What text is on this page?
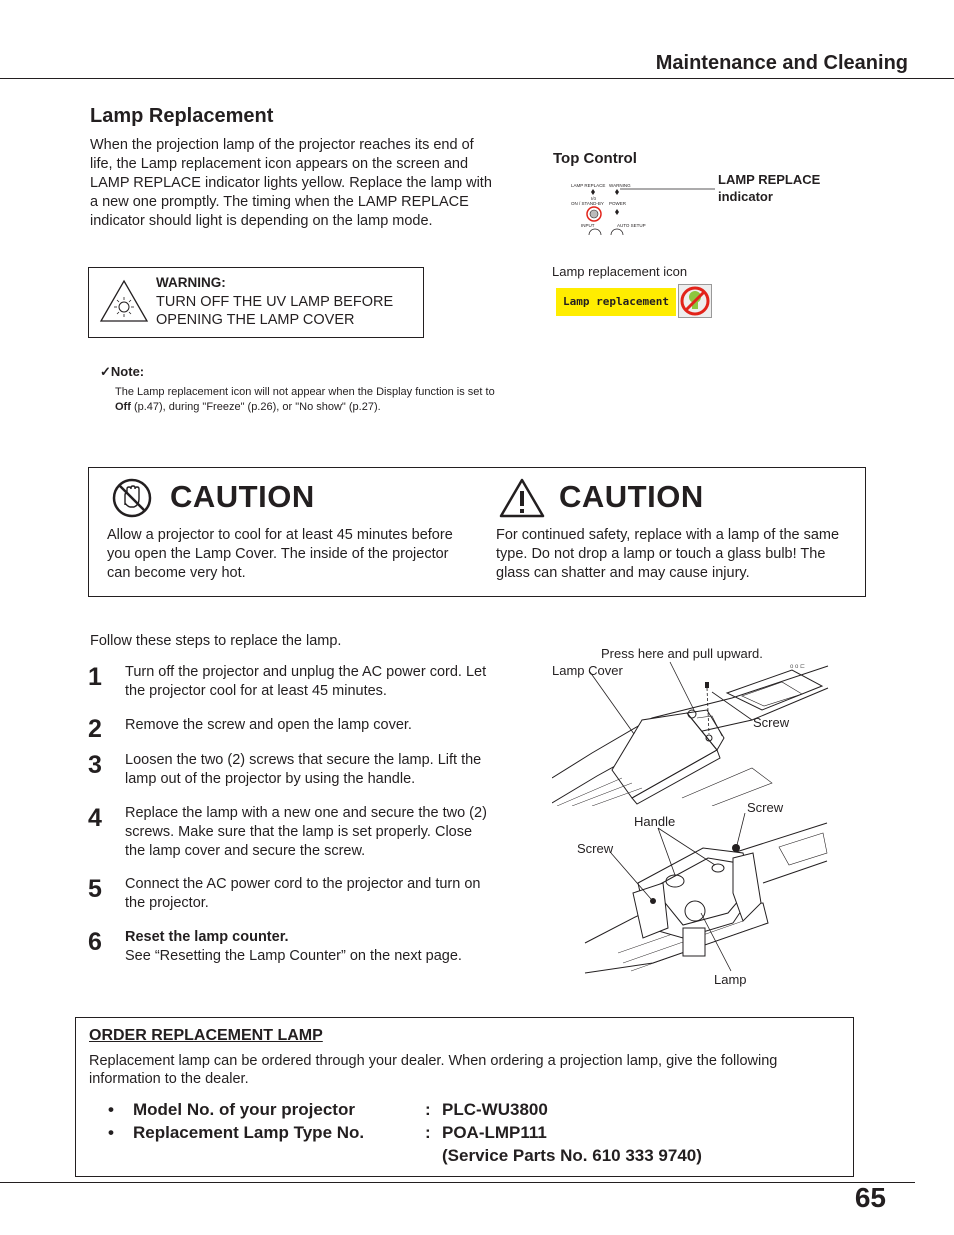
Maintenance and Cleaning
Lamp Replacement
When the projection lamp of the projector reaches its end of life, the Lamp replacement icon appears on the screen and LAMP REPLACE indicator lights yellow. Replace the lamp with a new one promptly. The timing when the LAMP REPLACE indicator should light is depending on the lamp mode.
WARNING:
TURN OFF THE UV LAMP BEFORE OPENING THE LAMP COVER
✓Note:
The Lamp replacement icon will not appear when the Display function is set to Off (p.47), during "Freeze" (p.26), or "No show" (p.27).
Top Control
LAMP REPLACE WARNING
I/ö
ON / STAND-BY POWER
INPUT	AUTO SETUP
LAMP REPLACE
indicator
Lamp replacement icon
Lamp replacement
CAUTION
Allow a projector to cool for at least 45 minutes before you open the Lamp Cover. The inside of the projector can become very hot.
CAUTION
For continued safety, replace with a lamp of the same type. Do not drop a lamp or touch a glass bulb! The glass can shatter and may cause injury.
Follow these steps to replace the lamp.
1 Turn off the projector and unplug the AC power cord. Let the projector cool for at least 45 minutes.
2 Remove the screw and open the lamp cover.
3 Loosen the two (2) screws that secure the lamp. Lift the lamp out of the projector by using the handle.
4 Replace the lamp with a new one and secure the two (2) screws. Make sure that the lamp is set properly. Close the lamp cover and secure the screw.
5 Connect the AC power cord to the projector and turn on the projector.
6 Reset the lamp counter.
See “Resetting the Lamp Counter” on the next page.
o o ⊏
Press here and pull upward.
Lamp Cover
Screw
Screw
Handle
Screw
Lamp
ORDER REPLACEMENT LAMP
Replacement lamp can be ordered through your dealer. When ordering a projection lamp, give the following information to the dealer.
• Model No. of your projector	: PLC-WU3800
• Replacement Lamp Type No.	: POA-LMP111
(Service Parts No. 610 333 9740)
65
